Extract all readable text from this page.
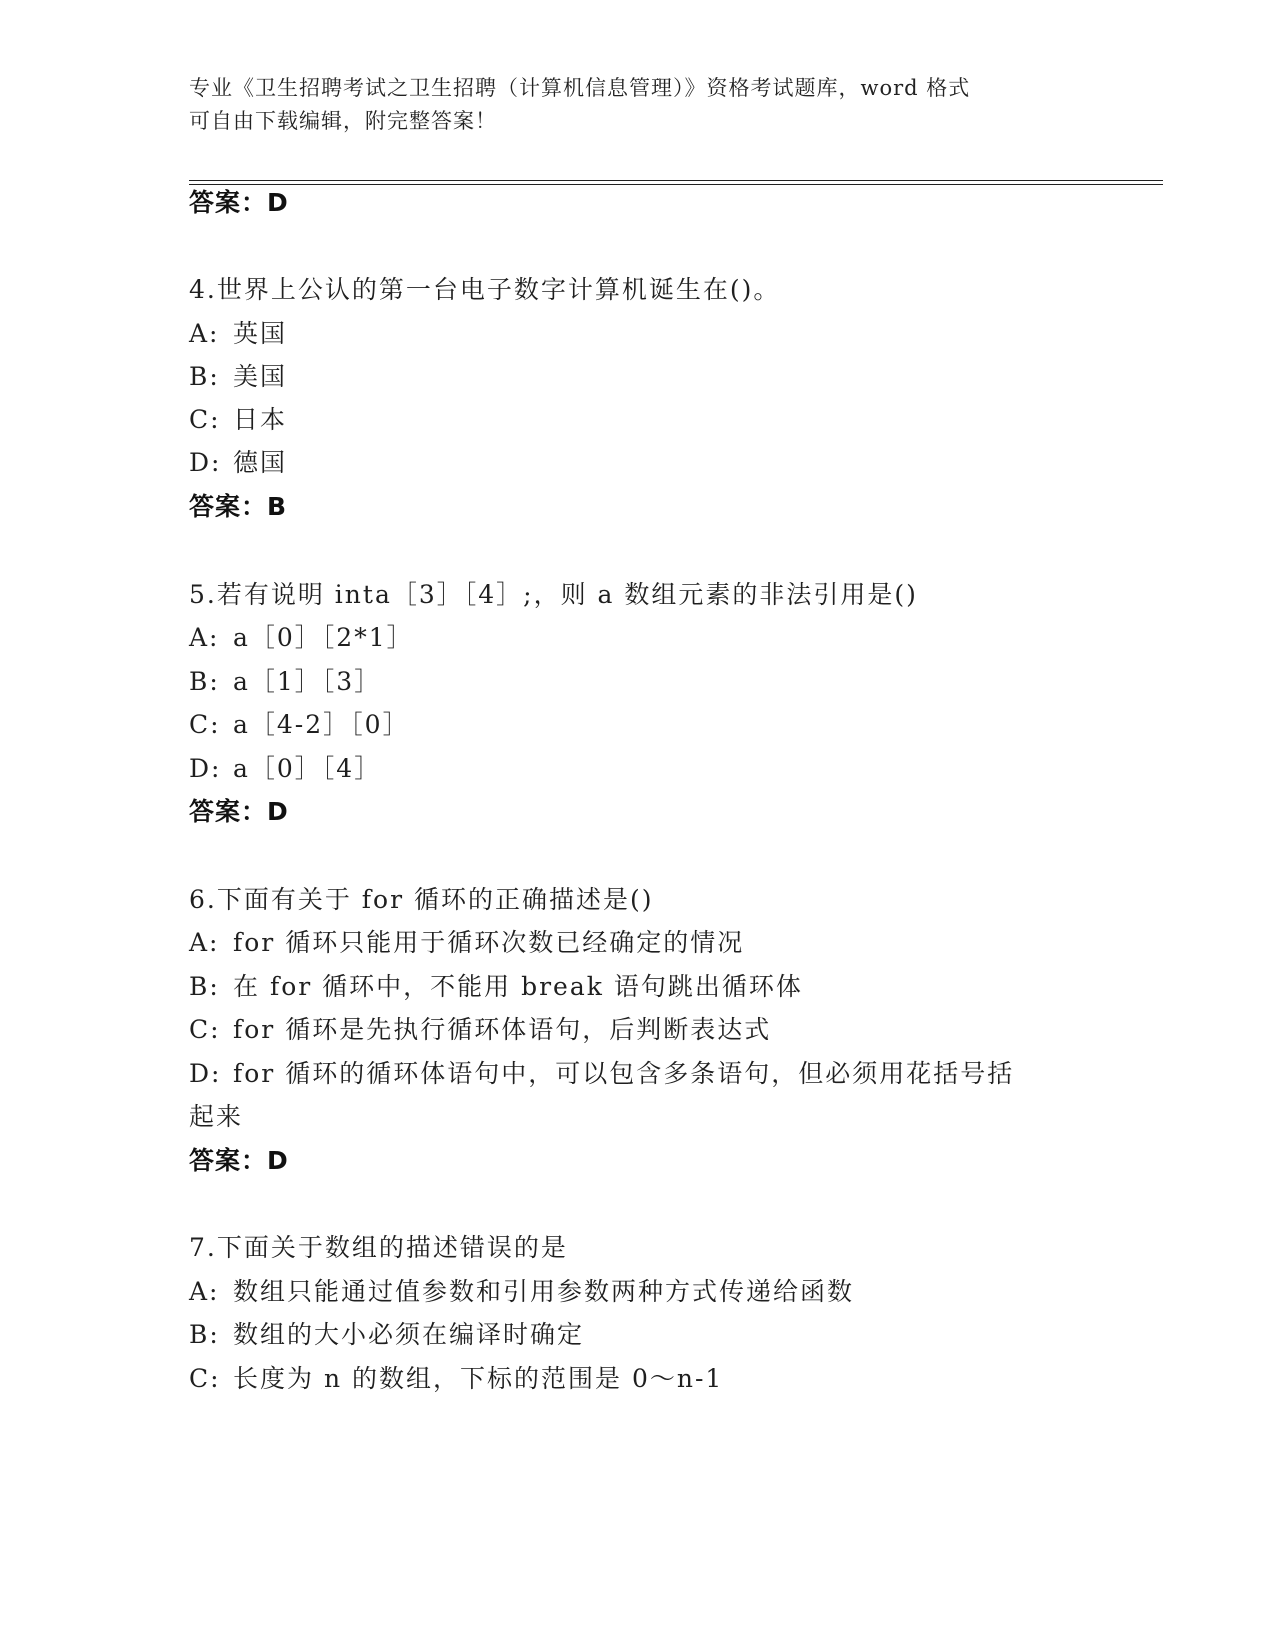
专业《卫生招聘考试之卫生招聘（计算机信息管理）》资格考试题库，word 格式
可自由下载编辑，附完整答案！
答案：D
4.世界上公认的第一台电子数字计算机诞生在()。
A: 英国
B: 美国
C: 日本
D: 德国
答案：B
5.若有说明 inta［3］［4］;，则 a 数组元素的非法引用是()
A: a［0］［2*1］
B: a［1］［3］
C: a［4-2］［0］
D: a［0］［4］
答案：D
6.下面有关于 for 循环的正确描述是()
A: for 循环只能用于循环次数已经确定的情况
B: 在 for 循环中，不能用 break 语句跳出循环体
C: for 循环是先执行循环体语句，后判断表达式
D: for 循环的循环体语句中，可以包含多条语句，但必须用花括号括
起来
答案：D
7.下面关于数组的描述错误的是
A: 数组只能通过值参数和引用参数两种方式传递给函数
B: 数组的大小必须在编译时确定
C: 长度为 n 的数组，下标的范围是 0～n-1
